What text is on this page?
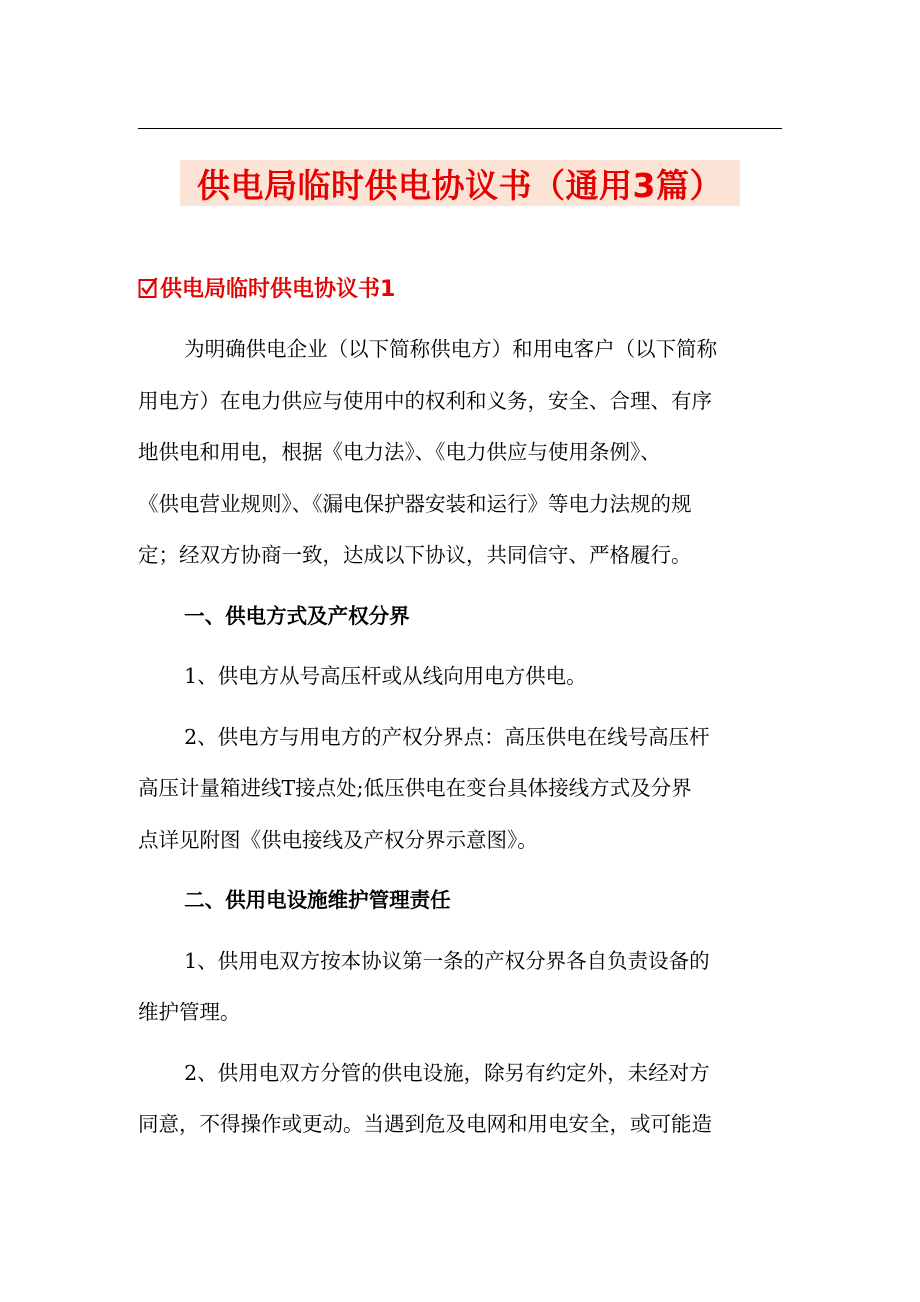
供电局临时供电协议书（通用3篇）
供电局临时供电协议书1

为明确供电企业（以下简称供电方）和用电客户（以下简称
用电方）在电力供应与使用中的权利和义务，安全、合理、有序
地供电和用电，根据《电力法》、《电力供应与使用条例》、
《供电营业规则》、《漏电保护器安装和运行》等电力法规的规
定；经双方协商一致，达成以下协议，共同信守、严格履行。

一、供电方式及产权分界

1、供电方从号高压杆或从线向用电方供电。

2、供电方与用电方的产权分界点：高压供电在线号高压杆
高压计量箱进线T接点处;低压供电在变台具体接线方式及分界
点详见附图《供电接线及产权分界示意图》。

二、供用电设施维护管理责任

1、供用电双方按本协议第一条的产权分界各自负责设备的
维护管理。

2、供用电双方分管的供电设施，除另有约定外，未经对方
同意，不得操作或更动。当遇到危及电网和用电安全，或可能造
